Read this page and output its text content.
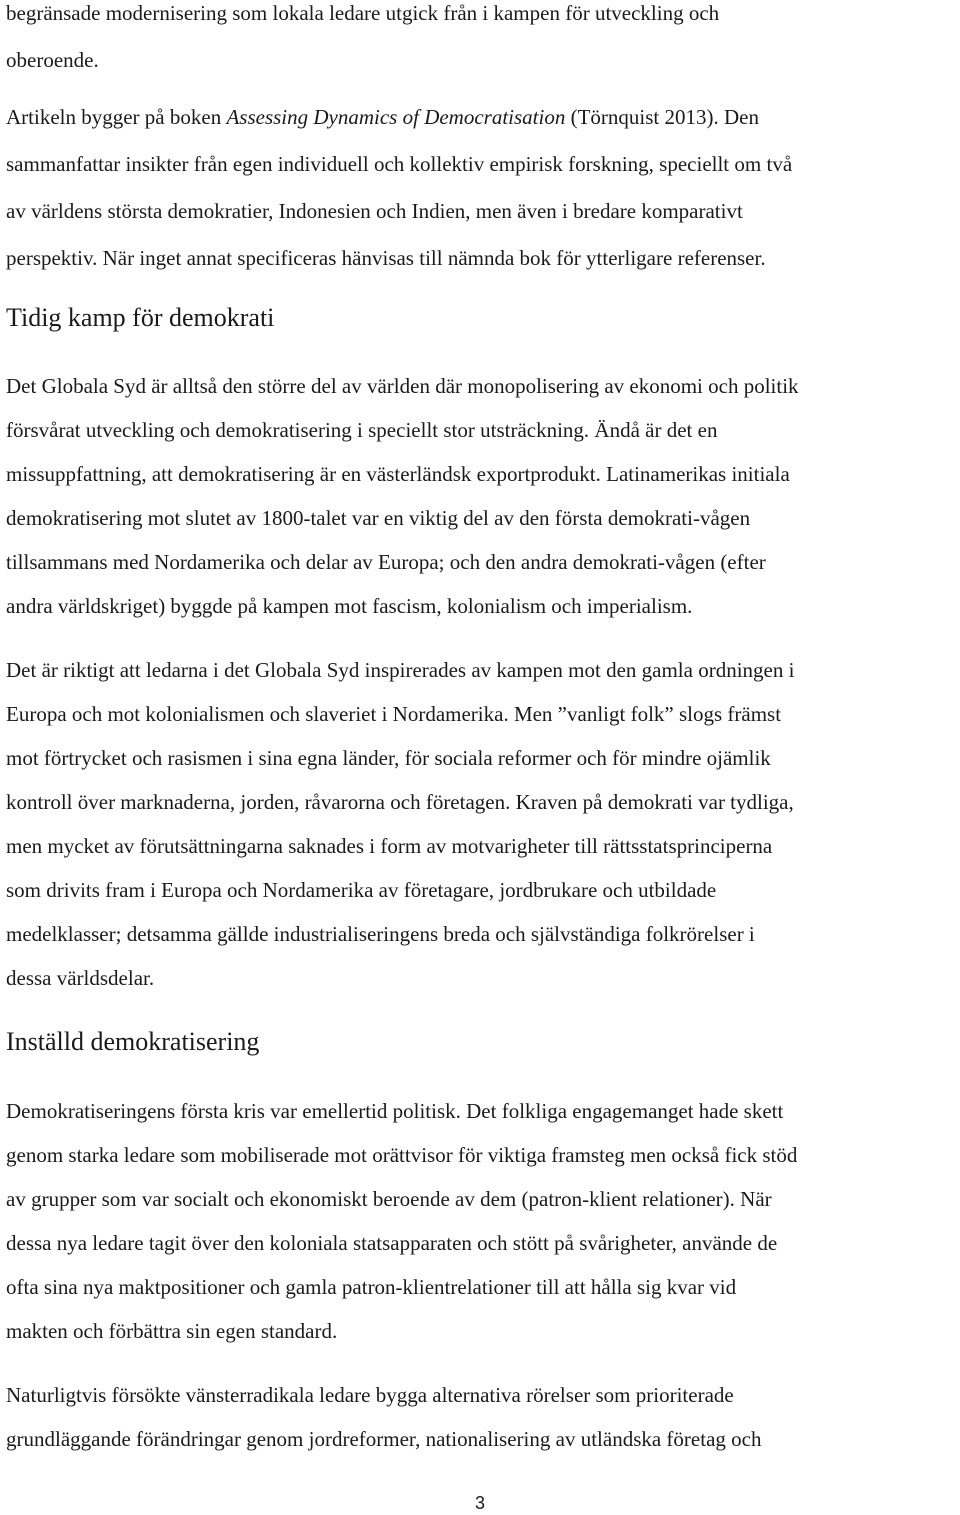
begränsade modernisering som lokala ledare utgick från i kampen för utveckling och
oberoende.
Artikeln bygger på boken Assessing Dynamics of Democratisation (Törnquist 2013). Den
sammanfattar insikter från egen individuell och kollektiv empirisk forskning, speciellt om två
av världens största demokratier, Indonesien och Indien, men även i bredare komparativt
perspektiv. När inget annat specificeras hänvisas till nämnda bok för ytterligare referenser.
Tidig kamp för demokrati
Det Globala Syd är alltså den större del av världen där monopolisering av ekonomi och politik
försvårat utveckling och demokratisering i speciellt stor utsträckning. Ändå är det en
missuppfattning, att demokratisering är en västerländsk exportprodukt. Latinamerikas initiala
demokratisering mot slutet av 1800-talet var en viktig del av den första demokrati-vågen
tillsammans med Nordamerika och delar av Europa; och den andra demokrati-vågen (efter
andra världskriget) byggde på kampen mot fascism, kolonialism och imperialism.
Det är riktigt att ledarna i det Globala Syd inspirerades av kampen mot den gamla ordningen i
Europa och mot kolonialismen och slaveriet i Nordamerika. Men ”vanligt folk” slogs främst
mot förtrycket och rasismen i sina egna länder, för sociala reformer och för mindre ojämlik
kontroll över marknaderna, jorden, råvarorna och företagen. Kraven på demokrati var tydliga,
men mycket av förutsättningarna saknades i form av motvarigheter till rättsstatsprinciperna
som drivits fram i Europa och Nordamerika av företagare, jordbrukare och utbildade
medelklasser; detsamma gällde industrialiseringens breda och självständiga folkrörelser i
dessa världsdelar.
Inställd demokratisering
Demokratiseringens första kris var emellertid politisk. Det folkliga engagemanget hade skett
genom starka ledare som mobiliserade mot orättvisor för viktiga framsteg men också fick stöd
av grupper som var socialt och ekonomiskt beroende av dem (patron-klient relationer). När
dessa nya ledare tagit över den koloniala statsapparaten och stött på svårigheter, använde de
ofta sina nya maktpositioner och gamla patron-klientrelationer till att hålla sig kvar vid
makten och förbättra sin egen standard.
Naturligtvis försökte vänsterradikala ledare bygga alternativa rörelser som prioriterade
grundläggande förändringar genom jordreformer, nationalisering av utländska företag och
3
